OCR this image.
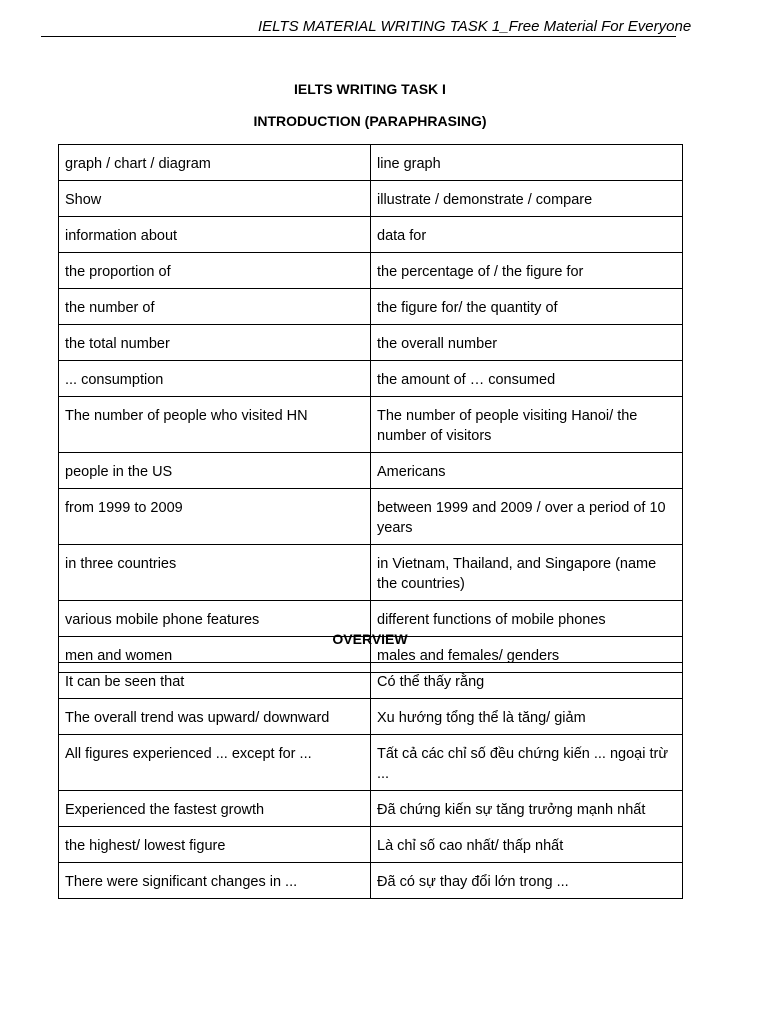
IELTS MATERIAL WRITING TASK 1_Free Material For Everyone
IELTS WRITING TASK I
INTRODUCTION (PARAPHRASING)
graph / chart / diagram	line graph
Show	illustrate / demonstrate / compare
information about	data for
the proportion of	the percentage of / the figure for
the number of	the figure for/ the quantity of
the total number	the overall number
... consumption	the amount of … consumed
The number of people who visited HN	The number of people visiting Hanoi/ the number of visitors
people in the US	Americans
from 1999 to 2009	between 1999 and 2009 / over a period of 10 years
in three countries	in Vietnam, Thailand, and Singapore (name the countries)
various mobile phone features	different functions of mobile phones
men and women	males and females/ genders
OVERVIEW
It can be seen that	Có thể thấy rằng
The overall trend was upward/ downward	Xu hướng tổng thể là tăng/ giảm
All figures experienced ... except for ...	Tất cả các chỉ số đều chứng kiến ... ngoại trừ ...
Experienced the fastest growth	Đã chứng kiến sự tăng trưởng mạnh nhất
the highest/ lowest figure	Là chỉ số cao nhất/ thấp nhất
There were significant changes in ...	Đã có sự thay đổi lớn trong ...
